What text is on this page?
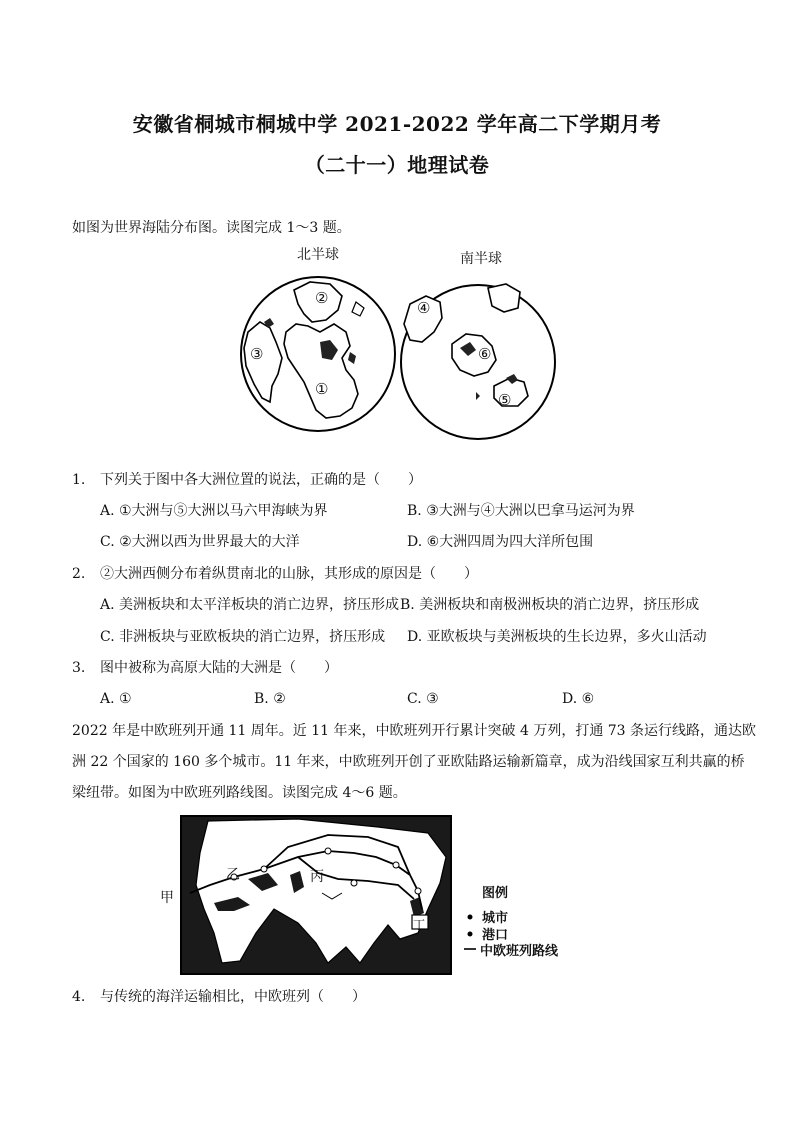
安徽省桐城市桐城中学 2021-2022 学年高二下学期月考
（二十一）地理试卷
如图为世界海陆分布图。读图完成 1～3 题。
北半球	南半球
②
③
①
④
⑥
⑤
1. 下列关于图中各大洲位置的说法，正确的是（　　）
A. ①大洲与⑤大洲以马六甲海峡为界	B. ③大洲与④大洲以巴拿马运河为界
C. ②大洲以西为世界最大的大洋	D. ⑥大洲四周为四大洋所包围
2. ②大洲西侧分布着纵贯南北的山脉，其形成的原因是（　　）
A. 美洲板块和太平洋板块的消亡边界，挤压形成 B. 美洲板块和南极洲板块的消亡边界，挤压形成
C. 非洲板块与亚欧板块的消亡边界，挤压形成 D. 亚欧板块与美洲板块的生长边界，多火山活动
3. 图中被称为高原大陆的大洲是（　　）
A. ①	B. ②	C. ③	D. ⑥
2022 年是中欧班列开通 11 周年。近 11 年来，中欧班列开行累计突破 4 万列，打通 73 条运行线路，通达欧
洲 22 个国家的 160 多个城市。11 年来，中欧班列开创了亚欧陆路运输新篇章，成为沿线国家互利共赢的桥
梁纽带。如图为中欧班列路线图。读图完成 4～6 题。
甲
乙	丙
丁
图例
城市
港口
中欧班列路线
4. 与传统的海洋运输相比，中欧班列（　　）
